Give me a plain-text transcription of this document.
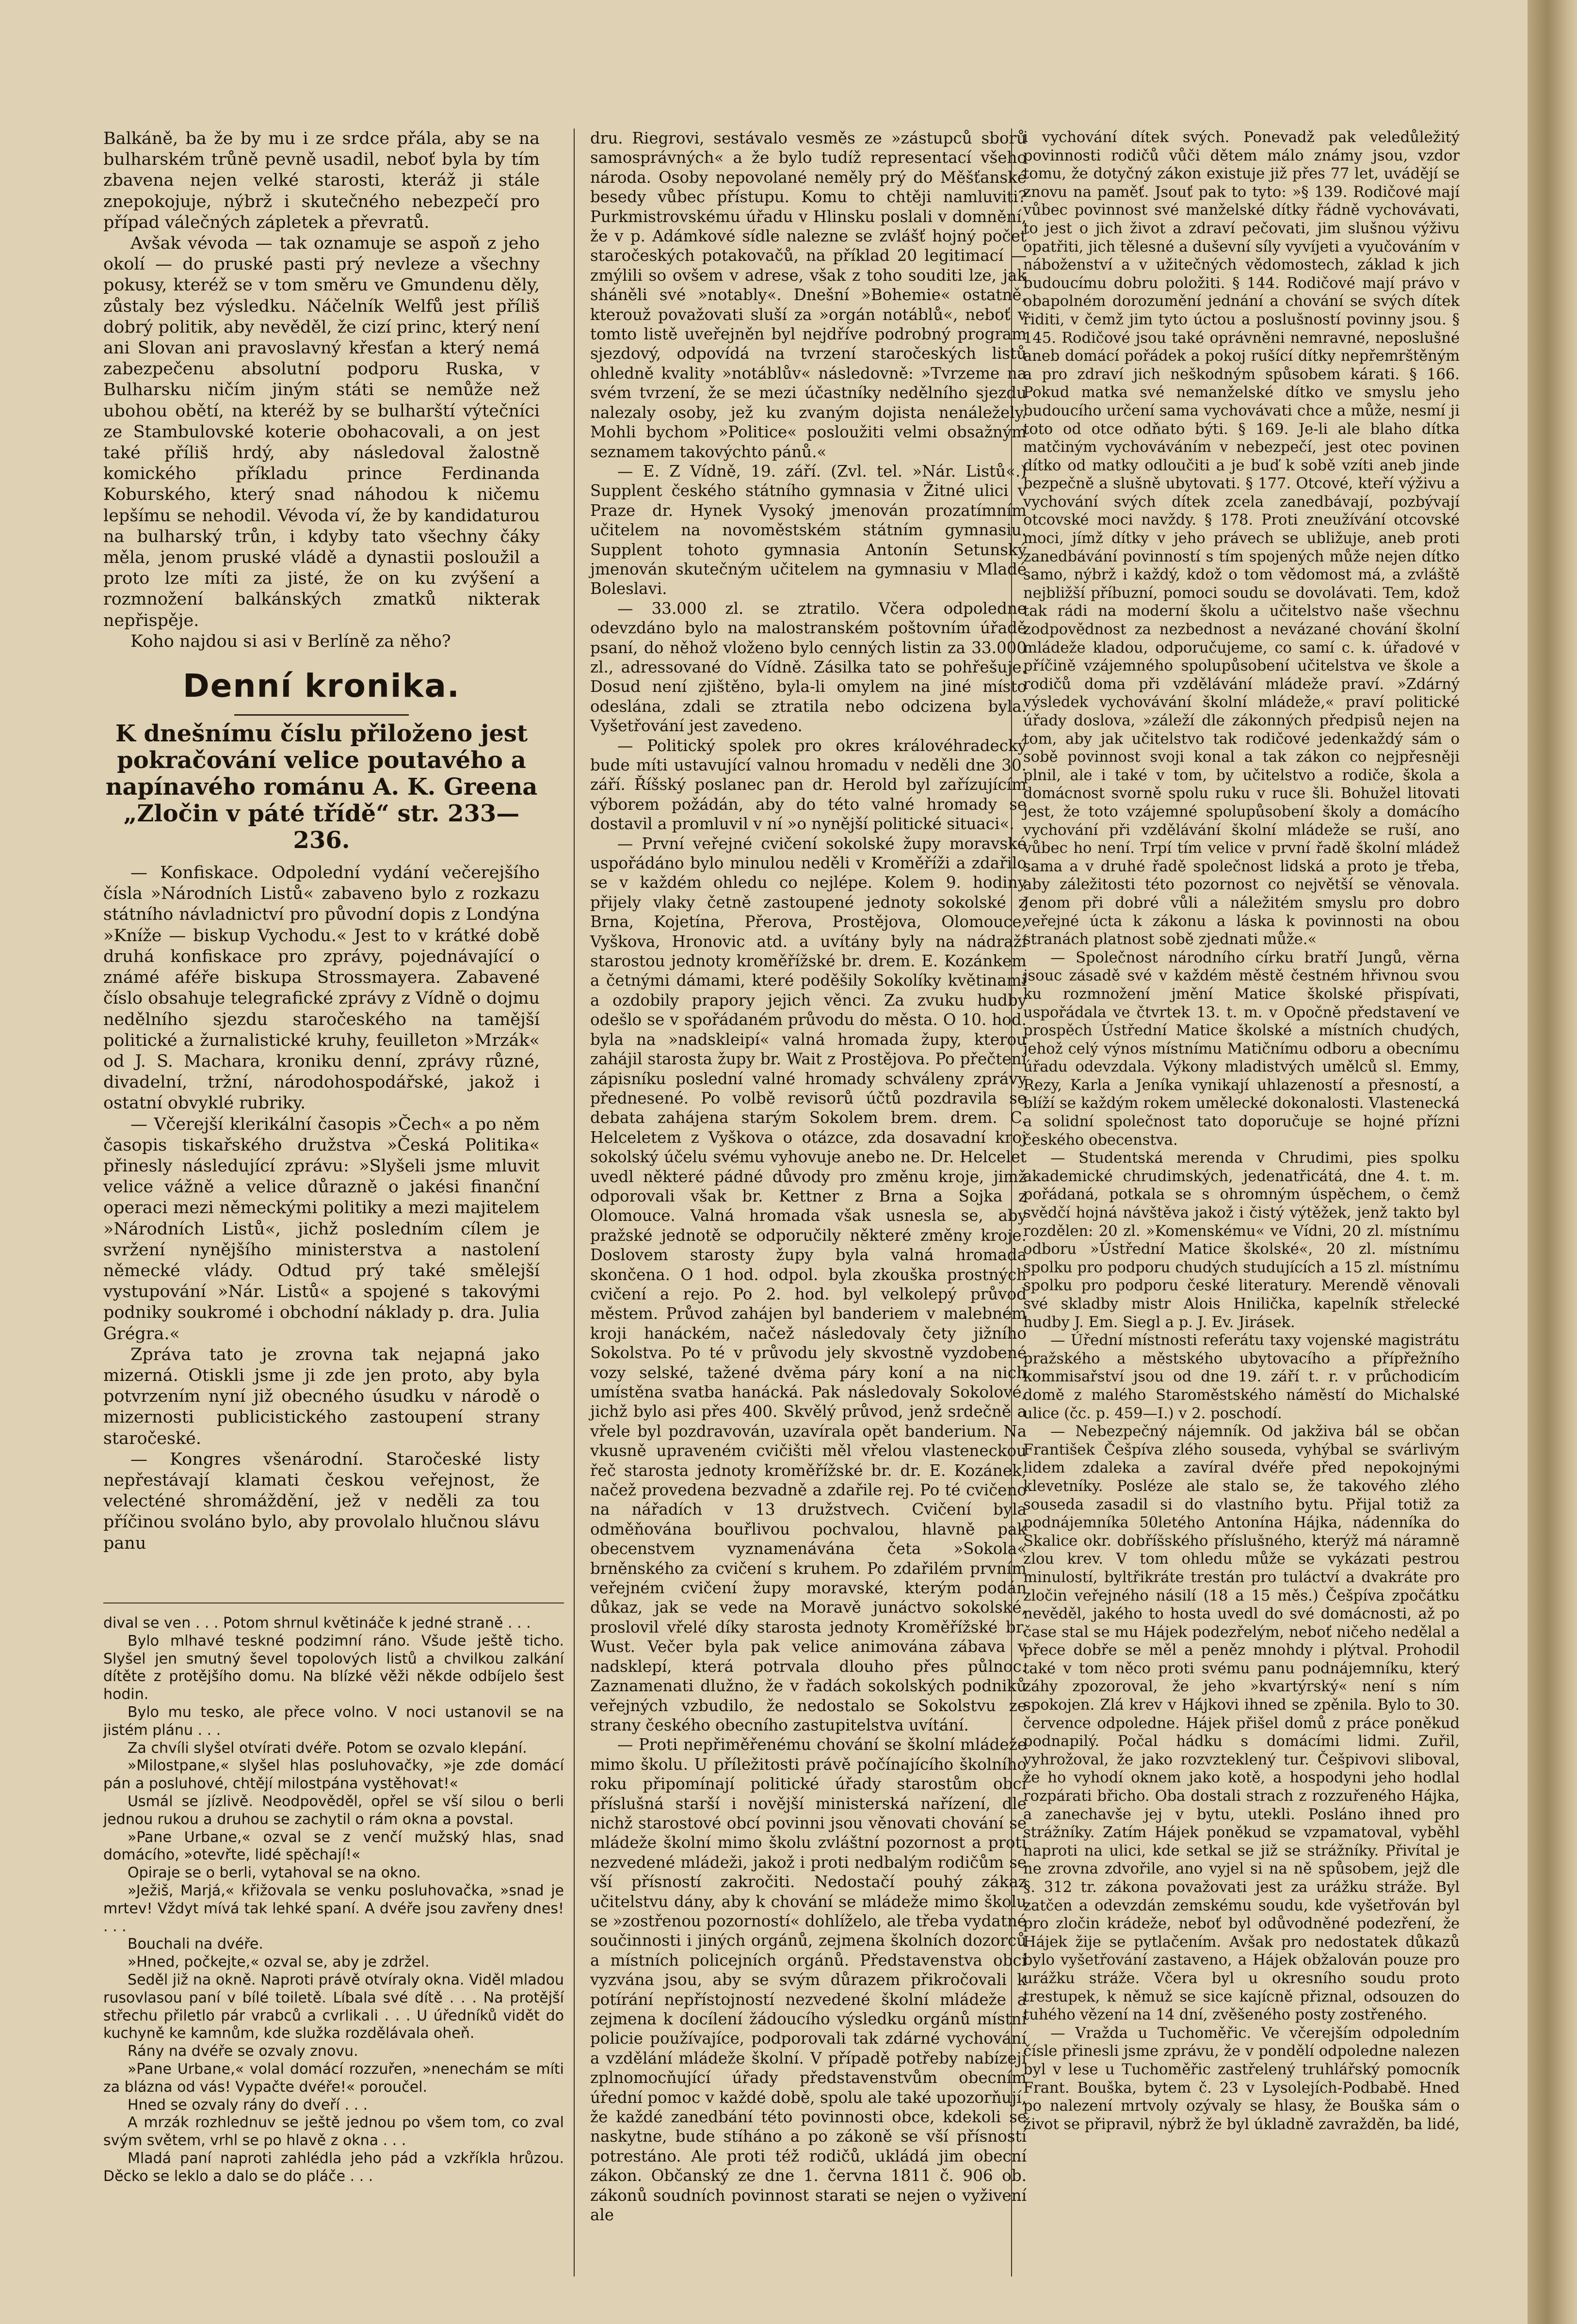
Balkáně, ba že by mu i ze srdce přála, aby se na bulharském trůně pevně usadil, neboť byla by tím zbavena nejen velké starosti, kteráž ji stále znepokojuje, nýbrž i skutečného nebezpečí pro případ válečných zápletek a převratů.

Avšak vévoda — tak oznamuje se aspoň z jeho okolí — do pruské pasti prý nevleze a všechny pokusy, kteréž se v tom směru ve Gmundenu děly, zůstaly bez výsledku. Náčelník Welfů jest příliš dobrý politik, aby nevěděl, že cizí princ, který není ani Slovan ani pravoslavný křesťan a který nemá zabezpečenu absolutní podporu Ruska, v Bulharsku ničím jiným státi se nemůže než ubohou obětí, na kteréž by se bulharští výtečníci ze Stambulovské koterie obohacovali, a on jest také příliš hrdý, aby následoval žalostně komického příkladu prince Ferdinanda Koburského, který snad náhodou k ničemu lepšímu se nehodil. Vévoda ví, že by kandidaturou na bulharský trůn, i kdyby tato všechny čáky měla, jenom pruské vládě a dynastii posloužil a proto lze míti za jisté, že on ku zvýšení a rozmnožení balkánských zmatků nikterak nepřispěje.

Koho najdou si asi v Berlíně za něho?

Denní kronika.
K dnešnímu číslu přiloženo jest pokračování velice poutavého a napínavého románu A. K. Greena „Zločin v páté třídě“ str. 233—236.

— Konfiskace. Odpolední vydání večerejšího čísla »Národních Listů« zabaveno bylo z rozkazu státního návladnictví pro původní dopis z Londýna »Kníže — biskup Vychodu.« Jest to v krátké době druhá konfiskace pro zprávy, pojednávající o známé aféře biskupa Strossmayera. Zabavené číslo obsahuje telegrafické zprávy z Vídně o dojmu nedělního sjezdu staročeského na tamější politické a žurnalistické kruhy, feuilleton »Mrzák« od J. S. Machara, kroniku denní, zprávy různé, divadelní, tržní, národohospodářské, jakož i ostatní obvyklé rubriky.

— Včerejší klerikální časopis »Čech« a po něm časopis tiskařského družstva »Česká Politika« přinesly následující zprávu: »Slyšeli jsme mluvit velice vážně a velice důrazně o jakési finanční operaci mezi německými politiky a mezi majitelem »Národních Listů«, jichž posledním cílem je svržení nynějšího ministerstva a nastolení německé vlády. Odtud prý také smělejší vystupování »Nár. Listů« a spojené s takovými podniky soukromé i obchodní náklady p. dra. Julia Grégra.«

Zpráva tato je zrovna tak nejapná jako mizerná. Otiskli jsme ji zde jen proto, aby byla potvrzením nyní již obecného úsudku v národě o mizernosti publicistického zastoupení strany staročeské.

— Kongres všenárodní. Staročeské listy nepřestávají klamati českou veřejnost, že velecténé shromáždění, jež v neděli za tou příčinou svoláno bylo, aby provolalo hlučnou slávu panu

dival se ven . . . Potom shrnul květináče k jedné straně . . .

Bylo mlhavé teskné podzimní ráno. Všude ještě ticho. Slyšel jen smutný ševel topolových listů a chvilkou zalkání dítěte z protějšího domu. Na blízké věži někde odbíjelo šest hodin.

Bylo mu tesko, ale přece volno. V noci ustanovil se na jistém plánu . . .

Za chvíli slyšel otvírati dvéře. Potom se ozvalo klepání.

»Milostpane,« slyšel hlas posluhovačky, »je zde domácí pán a posluhové, chtějí milostpána vystěhovat!«

Usmál se jízlivě. Neodpověděl, opřel se vší silou o berli jednou rukou a druhou se zachytil o rám okna a povstal.

»Pane Urbane,« ozval se z venčí mužský hlas, snad domácího, »otevřte, lidé spěchají!«

Opiraje se o berli, vytahoval se na okno.

»Ježiš, Marjá,« křižovala se venku posluhovačka, »snad je mrtev! Vždyt mívá tak lehké spaní. A dvéře jsou zavřeny dnes! . . .

Bouchali na dvéře.

»Hned, počkejte,« ozval se, aby je zdržel.

Seděl již na okně. Naproti právě otvíraly okna. Viděl mladou rusovlasou paní v bílé toiletě. Líbala své dítě . . . Na protější střechu přiletlo pár vrabců a cvrlikali . . . U úředníků vidět do kuchyně ke kamnům, kde služka rozdělávala oheň.

Rány na dvéře se ozvaly znovu.

»Pane Urbane,« volal domácí rozzuřen, »nenechám se míti za blázna od vás! Vypačte dvéře!« poroučel.

Hned se ozvaly rány do dveří . . .

A mrzák rozhlednuv se ještě jednou po všem tom, co zval svým světem, vrhl se po hlavě z okna . . .

Mladá paní naproti zahlédla jeho pád a vzkříkla hrůzou. Děcko se leklo a dalo se do pláče . . .

dru. Riegrovi, sestávalo vesměs ze »zástupců sborů samosprávných« a že bylo tudíž representací všeho národa. Osoby nepovolané neměly prý do Měšťanské besedy vůbec přístupu. Komu to chtěji namluviti? Purkmistrovskému úřadu v Hlinsku poslali v domnění, že v p. Adámkové sídle nalezne se zvlášť hojný počet staročeských potakovačů, na příklad 20 legitimací — zmýlili so ovšem v adrese, však z toho souditi lze, jak sháněli své »notably«. Dnešní »Bohemie« ostatně, kterouž považovati sluší za »orgán notáblů«, neboť v tomto listě uveřejněn byl nejdříve podrobný program sjezdový, odpovídá na tvrzení staročeských listů ohledně kvality »notáblův« následovně: »Tvrzeme na svém tvrzení, že se mezi účastníky nedělního sjezdu nalezaly osoby, jež ku zvaným dojista nenáležely. Mohli bychom »Politice« posloužiti velmi obsažným seznamem takovýchto pánů.«

— E. Z Vídně, 19. září. (Zvl. tel. »Nár. Listů«.) Supplent českého státního gymnasia v Žitné ulici v Praze dr. Hynek Vysoký jmenován prozatímním učitelem na novoměstském státním gymnasiu. Supplent tohoto gymnasia Antonín Setunský jmenován skutečným učitelem na gymnasiu v Mladé Boleslavi.

— 33.000 zl. se ztratilo. Včera odpoledne odevzdáno bylo na malostranském poštovním úřadě psaní, do něhož vloženo bylo cenných listin za 33.000 zl., adressované do Vídně. Zásilka tato se pohřešuje. Dosud není zjištěno, byla-li omylem na jiné místo odeslána, zdali se ztratila nebo odcizena byla. Vyšetřování jest zavedeno.

— Politický spolek pro okres královéhradecký bude míti ustavující valnou hromadu v neděli dne 30. září. Říšský poslanec pan dr. Herold byl zařízujícím výborem požádán, aby do této valné hromady se dostavil a promluvil v ní »o nynější politické situaci«.

— První veřejné cvičení sokolské župy moravské uspořádáno bylo minulou neděli v Kroměříži a zdařilo se v každém ohledu co nejlépe. Kolem 9. hodiny přijely vlaky četně zastoupené jednoty sokolské z Brna, Kojetína, Přerova, Prostějova, Olomouce, Vyškova, Hronovic atd. a uvítány byly na nádraží starostou jednoty kroměřížské br. drem. E. Kozánkem a četnými dámami, které poděšily Sokolíky květinami a ozdobily prapory jejich věnci. Za zvuku hudby odešlo se v spořádaném průvodu do města. O 10. hod. byla na »nadskleipí« valná hromada župy, kterou zahájil starosta župy br. Wait z Prostějova. Po přečtení zápisníku poslední valné hromady schváleny zprávy přednesené. Po volbě revisorů účtů pozdravila se debata zahájena starým Sokolem brem. drem. C. Helceletem z Vyškova o otázce, zda dosavadní kroj sokolský účelu svému vyhovuje anebo ne. Dr. Helcelet uvedl některé pádné důvody pro změnu kroje, jimž odporovali však br. Kettner z Brna a Sojka z Olomouce. Valná hromada však usnesla se, aby pražské jednotě se odporučily některé změny kroje. Doslovem starosty župy byla valná hromada skončena. O 1 hod. odpol. byla zkouška prostných cvičení a rejo. Po 2. hod. byl velkolepý průvod městem. Průvod zahájen byl banderiem v malebném kroji hanáckém, načež následovaly čety jižního Sokolstva. Po té v průvodu jely skvostně vyzdobené vozy selské, tažené dvěma páry koní a na nich umístěna svatba hanácká. Pak následovaly Sokolové, jichž bylo asi přes 400. Skvělý průvod, jenž srdečně a vřele byl pozdravován, uzavírala opět banderium. Na vkusně upraveném cvičišti měl vřelou vlasteneckou řeč starosta jednoty kroměřížské br. dr. E. Kozánek, načež provedena bezvadně a zdařile rej. Po té cvičeno na nářadích v 13 družstvech. Cvičení byla odměňována bouřlivou pochvalou, hlavně pak obecenstvem vyznamenávána četa »Sokola« brněnského za cvičení s kruhem. Po zdařilém prvním veřejném cvičení župy moravské, kterým podán důkaz, jak se vede na Moravě junáctvo sokolské, proslovil vřelé díky starosta jednoty Kroměřížské br. Wust. Večer byla pak velice animována zábava v nadsklepí, která potrvala dlouho přes půlnoc. Zaznamenati dlužno, že v řadách sokolských podniků veřejných vzbudilo, že nedostalo se Sokolstvu ze strany českého obecního zastupitelstva uvítání.

— Proti nepřiměřenému chování se školní mládeže mimo školu. U příležitosti právě počínajícího školního roku připomínají politické úřady starostům obcí příslušná starší i novější ministerská nařízení, dle nichž starostové obcí povinni jsou věnovati chování se mládeže školní mimo školu zvláštní pozornost a proti nezvedené mládeži, jakož i proti nedbalým rodičům se vší přísností zakročiti. Nedostačí pouhý zákaz učitelstvu dány, aby k chování se mládeže mimo školu se »zostřenou pozorností« dohlíželo, ale třeba vydatné součinnosti i jiných orgánů, zejmena školních dozorců a místních policejních orgánů. Představenstva obcí vyzvána jsou, aby se svým důrazem přikročovali k potírání nepřístojností nezvedené školní mládeže a zejmena k docílení žádoucího výsledku orgánů místní policie používajíce, podporovali tak zdárné vychování a vzdělání mládeže školní. V případě potřeby nabízejí zplnomocňující úřady představenstvům obecním úřední pomoc v každé době, spolu ale také upozorňují, že každé zanedbání této povinnosti obce, kdekoli se naskytne, bude stíháno a po zákoně se vší přísností potrestáno. Ale proti též rodičů, ukládá jim obecní zákon. Občanský ze dne 1. června 1811 č. 906 ob. zákonů soudních povinnost starati se nejen o vyživení ale

i vychování dítek svých. Ponevadž pak veledůležitý povinnosti rodičů vůči dětem málo známy jsou, vzdor tomu, že dotyčný zákon existuje již přes 77 let, uvádějí se znovu na paměť. Jsouť pak to tyto: »§ 139. Rodičové mají vůbec povinnost své manželské dítky řádně vychovávati, to jest o jich život a zdraví pečovati, jim slušnou výživu opatřiti, jich tělesné a duševní síly vyvíjeti a vyučováním v náboženství a v užitečných vědomostech, základ k jich budoucímu dobru položiti. § 144. Rodičové mají právo v obapolném dorozumění jednání a chování se svých dítek řiditi, v čemž jim tyto úctou a poslušností povinny jsou. § 145. Rodičové jsou také oprávněni nemravné, neposlušné aneb domácí pořádek a pokoj rušící dítky nepřemrštěným a pro zdraví jich neškodným spůsobem kárati. § 166. Pokud matka své nemanželské dítko ve smyslu jeho budoucího určení sama vychovávati chce a může, nesmí ji toto od otce odňato býti. § 169. Je-li ale blaho dítka matčiným vychováváním v nebezpečí, jest otec povinen dítko od matky odloučiti a je buď k sobě vzíti aneb jinde bezpečně a slušně ubytovati. § 177. Otcové, kteří výživu a vychování svých dítek zcela zanedbávají, pozbývají otcovské moci navždy. § 178. Proti zneužívání otcovské moci, jímž dítky v jeho právech se ubližuje, aneb proti zanedbávání povinností s tím spojených může nejen dítko samo, nýbrž i každý, kdož o tom vědomost má, a zvláště nejbližší příbuzní, pomoci soudu se dovolávati. Tem, kdož tak rádi na moderní školu a učitelstvo naše všechnu zodpovědnost za nezbednost a nevázané chování školní mládeže kladou, odporučujeme, co samí c. k. úřadové v příčině vzájemného spolupůsobení učitelstva ve škole a rodičů doma při vzdělávání mládeže praví. »Zdárný výsledek vychovávání školní mládeže,« praví politické úřady doslova, »záleží dle zákonných předpisů nejen na tom, aby jak učitelstvo tak rodičové jedenkaždý sám o sobě povinnost svoji konal a tak zákon co nejpřesněji plnil, ale i také v tom, by učitelstvo a rodiče, škola a domácnost svorně spolu ruku v ruce šli. Bohužel litovati jest, že toto vzájemné spolupůsobení školy a domácího vychování při vzdělávání školní mládeže se ruší, ano vůbec ho není. Trpí tím velice v první řadě školní mládež sama a v druhé řadě společnost lidská a proto je třeba, aby záležitosti této pozornost co největší se věnovala. Jenom při dobré vůli a náležitém smyslu pro dobro veřejné úcta k zákonu a láska k povinnosti na obou stranách platnost sobě zjednati může.«

— Společnost národního círku bratří Jungů, věrna jsouc zásadě své v každém městě čestném hřivnou svou ku rozmnožení jmění Matice školské přispívati, uspořádala ve čtvrtek 13. t. m. v Opočně představení ve prospěch Ústřední Matice školské a místních chudých, jehož celý výnos místnímu Matičnímu odboru a obecnímu úřadu odevzdala. Výkony mladistvých umělců sl. Emmy, Rezy, Karla a Jeníka vynikají uhlazeností a přesností, a blíží se každým rokem umělecké dokonalosti. Vlastenecká a solidní společnost tato doporučuje se hojné přízni českého obecenstva.

— Studentská merenda v Chrudimi, pies spolku akademické chrudimských, jedenatřicátá, dne 4. t. m. pořádaná, potkala se s ohromným úspěchem, o čemž svědčí hojná návštěva jakož i čistý výtěžek, jenž takto byl rozdělen: 20 zl. »Komenskému« ve Vídni, 20 zl. místnímu odboru »Ústřední Matice školské«, 20 zl. místnímu spolku pro podporu chudých studujících a 15 zl. místnímu spolku pro podporu české literatury. Merendě věnovali své skladby mistr Alois Hnilička, kapelník střelecké hudby J. Em. Siegl a p. J. Ev. Jirásek.

— Úřední místnosti referátu taxy vojenské magistrátu pražského a městského ubytovacího a přípřežního kommisařství jsou od dne 19. září t. r. v průchodicím domě z malého Staroměstského náměstí do Michalské ulice (čc. p. 459—I.) v 2. poschodí.

— Nebezpečný nájemník. Od jakživa bál se občan František Češpíva zlého souseda, vyhýbal se svárlivým lidem zdaleka a zavíral dvéře před nepokojnými klevetníky. Posléze ale stalo se, že takového zlého souseda zasadil si do vlastního bytu. Přijal totiž za podnájemníka 50letého Antonína Hájka, nádenníka do Skalice okr. dobříšského příslušného, kterýž má náramně zlou krev. V tom ohledu může se vykázati pestrou minulostí, byltřikráte trestán pro tuláctví a dvakráte pro zločin veřejného násilí (18 a 15 měs.) Češpíva zpočátku nevěděl, jakého to hosta uvedl do své domácnosti, až po čase stal se mu Hájek podezřelým, neboť ničeho nedělal a přece dobře se měl a peněz mnohdy i plýtval. Prohodil také v tom něco proti svému panu podnájemníku, který záhy zpozoroval, že jeho »kvartýrský« není s ním spokojen. Zlá krev v Hájkovi ihned se zpěnila. Bylo to 30. července odpoledne. Hájek přišel domů z práce poněkud podnapilý. Počal hádku s domácími lidmi. Zuřil, vyhrožoval, že jako rozvzteklený tur. Češpivovi sliboval, že ho vyhodí oknem jako kotě, a hospodyni jeho hodlal rozpárati břicho. Oba dostali strach z rozzuřeného Hájka, a zanechavše jej v bytu, utekli. Posláno ihned pro strážníky. Zatím Hájek poněkud se vzpamatoval, vyběhl naproti na ulici, kde setkal se již se strážníky. Přivítal je ne zrovna zdvořile, ano vyjel si na ně spůsobem, jejž dle §. 312 tr. zákona považovati jest za urážku stráže. Byl zatčen a odevzdán zemskému soudu, kde vyšetřován byl pro zločin krádeže, neboť byl odůvodněné podezření, že Hájek žije se pytlačením. Avšak pro nedostatek důkazů bylo vyšetřování zastaveno, a Hájek obžalován pouze pro urážku stráže. Včera byl u okresního soudu proto trestupek, k němuž se sice kajícně přiznal, odsouzen do tuhého vězení na 14 dní, zvěšeného posty zostřeného.

— Vražda u Tuchoměřic. Ve včerejším odpoledním čísle přinesli jsme zprávu, že v pondělí odpoledne nalezen byl v lese u Tuchoměřic zastřelený truhlářský pomocník Frant. Bouška, bytem č. 23 v Lysolejích-Podbabě. Hned po nalezení mrtvoly ozývaly se hlasy, že Bouška sám o život se připravil, nýbrž že byl úkladně zavražděn, ba lidé,
